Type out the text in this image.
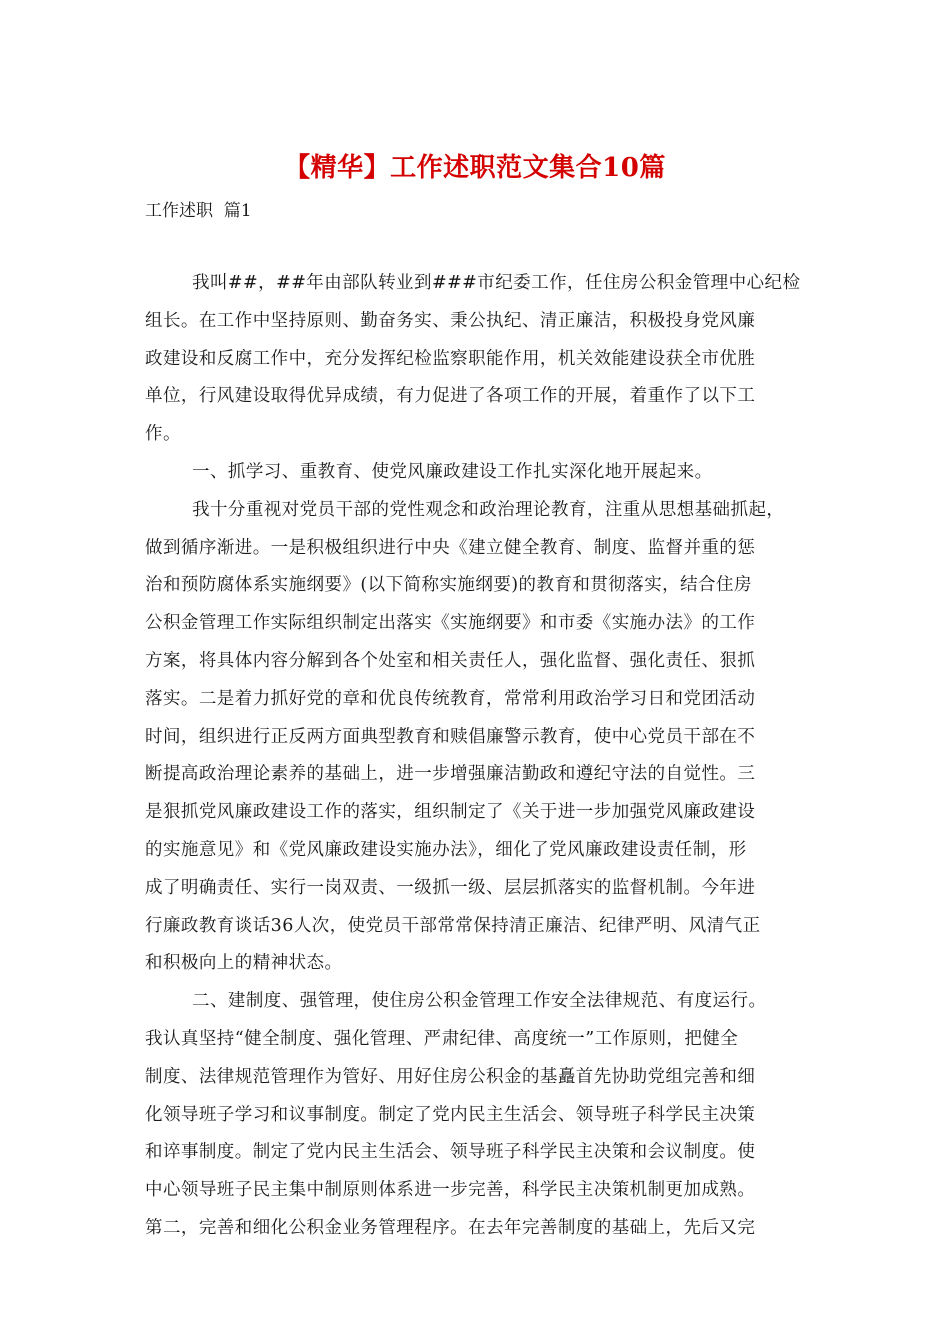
【精华】工作述职范文集合10篇
工作述职  篇1
我叫##，##年由部队转业到###市纪委工作，任住房公积金管理中心纪检
组长。在工作中坚持原则、勤奋务实、秉公执纪、清正廉洁，积极投身党风廉
政建设和反腐工作中，充分发挥纪检监察职能作用，机关效能建设获全市优胜
单位，行风建设取得优异成绩，有力促进了各项工作的开展，着重作了以下工
作。
一、抓学习、重教育、使党风廉政建设工作扎实深化地开展起来。
我十分重视对党员干部的党性观念和政治理论教育，注重从思想基础抓起，
做到循序渐进。一是积极组织进行中央《建立健全教育、制度、监督并重的惩
治和预防腐体系实施纲要》(以下简称实施纲要)的教育和贯彻落实，结合住房
公积金管理工作实际组织制定出落实《实施纲要》和市委《实施办法》的工作
方案，将具体内容分解到各个处室和相关责任人，强化监督、强化责任、狠抓
落实。二是着力抓好党的章和优良传统教育，常常利用政治学习日和党团活动
时间，组织进行正反两方面典型教育和赎倡廉警示教育，使中心党员干部在不
断提高政治理论素养的基础上，进一步增强廉洁勤政和遵纪守法的自觉性。三
是狠抓党风廉政建设工作的落实，组织制定了《关于进一步加强党风廉政建设
的实施意见》和《党风廉政建设实施办法》，细化了党风廉政建设责任制，形
成了明确责任、实行一岗双责、一级抓一级、层层抓落实的监督机制。今年进
行廉政教育谈话36人次，使党员干部常常保持清正廉洁、纪律严明、风清气正
和积极向上的精神状态。
二、建制度、强管理，使住房公积金管理工作安全法律规范、有度运行。
我认真坚持“健全制度、强化管理、严肃纪律、高度统一”工作原则，把健全
制度、法律规范管理作为管好、用好住房公积金的基矗首先协助党组完善和细
化领导班子学习和议事制度。制定了党内民主生活会、领导班子科学民主决策
和谇事制度。制定了党内民主生活会、领导班子科学民主决策和会议制度。使
中心领导班子民主集中制原则体系进一步完善，科学民主决策机制更加成熟。
第二，完善和细化公积金业务管理程序。在去年完善制度的基础上，先后又完
